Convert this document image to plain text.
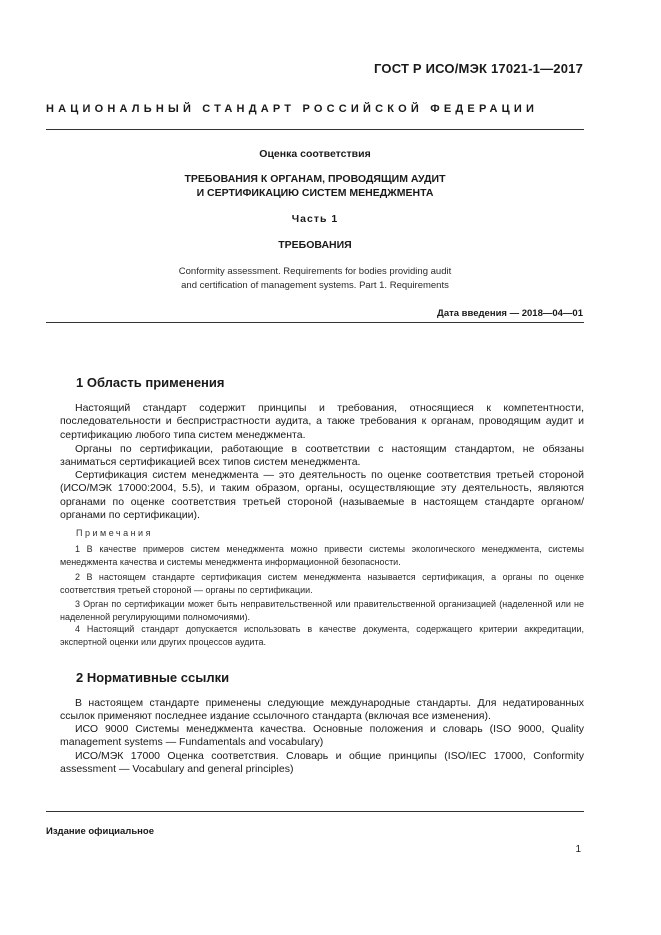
ГОСТ Р ИСО/МЭК 17021-1—2017
НАЦИОНАЛЬНЫЙ СТАНДАРТ РОССИЙСКОЙ ФЕДЕРАЦИИ
Оценка соответствия
ТРЕБОВАНИЯ К ОРГАНАМ, ПРОВОДЯЩИМ АУДИТ
И СЕРТИФИКАЦИЮ СИСТЕМ МЕНЕДЖМЕНТА
Часть 1
ТРЕБОВАНИЯ
Conformity assessment. Requirements for bodies providing audit
and certification of management systems. Part 1. Requirements
Дата введения — 2018—04—01
1 Область применения

Настоящий стандарт содержит принципы и требования, относящиеся к компетентности, последовательности и беспристрастности аудита, а также требования к органам, проводящим аудит и сертификацию любого типа систем менеджмента.

Органы по сертификации, работающие в соответствии с настоящим стандартом, не обязаны заниматься сертификацией всех типов систем менеджмента.

Сертификация систем менеджмента — это деятельность по оценке соответствия третьей стороной (ИСО/МЭК 17000:2004, 5.5), и таким образом, органы, осуществляющие эту деятельность, являются органами по оценке соответствия третьей стороной (называемые в настоящем стандарте органом/органами по сертификации).

Примечания

1 В качестве примеров систем менеджмента можно привести системы экологического менеджмента, системы менеджмента качества и системы менеджмента информационной безопасности.

2 В настоящем стандарте сертификация систем менеджмента называется сертификация, а органы по оценке соответствия третьей стороной — органы по сертификации.

3 Орган по сертификации может быть неправительственной или правительственной организацией (наделенной или не наделенной регулирующими полномочиями).

4 Настоящий стандарт допускается использовать в качестве документа, содержащего критерии аккредитации, экспертной оценки или других процессов аудита.

2 Нормативные ссылки

В настоящем стандарте применены следующие международные стандарты. Для недатированных ссылок применяют последнее издание ссылочного стандарта (включая все изменения).

ИСО 9000 Системы менеджмента качества. Основные положения и словарь (ISO 9000, Quality management systems — Fundamentals and vocabulary)

ИСО/МЭК 17000 Оценка соответствия. Словарь и общие принципы (ISO/IEC 17000, Conformity assessment — Vocabulary and general principles)

Издание официальное
1
